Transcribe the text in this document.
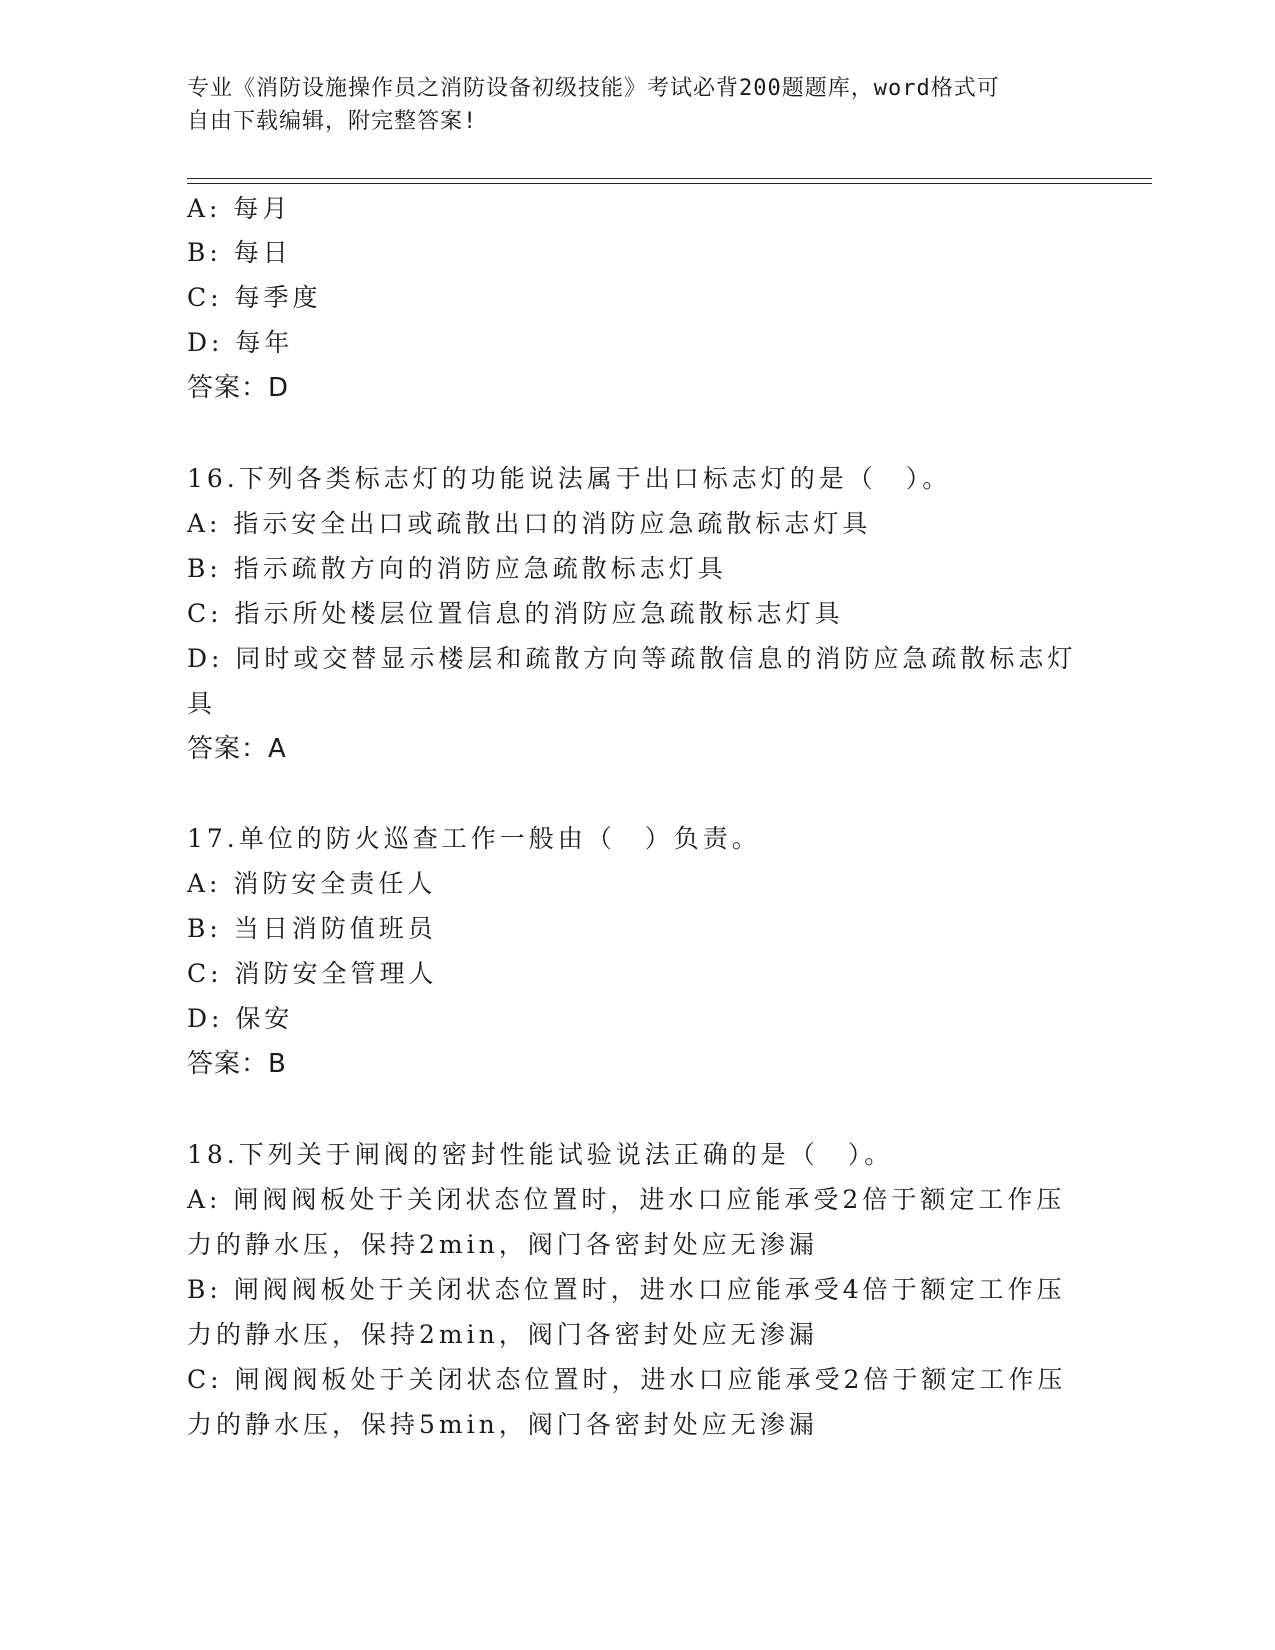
专业《消防设施操作员之消防设备初级技能》考试必背200题题库，word格式可
自由下载编辑，附完整答案!
A: 每月
B: 每日
C: 每季度
D: 每年
答案：D
16.下列各类标志灯的功能说法属于出口标志灯的是（　）。
A: 指示安全出口或疏散出口的消防应急疏散标志灯具
B: 指示疏散方向的消防应急疏散标志灯具
C: 指示所处楼层位置信息的消防应急疏散标志灯具
D: 同时或交替显示楼层和疏散方向等疏散信息的消防应急疏散标志灯
具
答案：A
17.单位的防火巡查工作一般由（　）负责。
A: 消防安全责任人
B: 当日消防值班员
C: 消防安全管理人
D: 保安
答案：B
18.下列关于闸阀的密封性能试验说法正确的是（　）。
A: 闸阀阀板处于关闭状态位置时，进水口应能承受2倍于额定工作压
力的静水压，保持2min，阀门各密封处应无渗漏
B: 闸阀阀板处于关闭状态位置时，进水口应能承受4倍于额定工作压
力的静水压，保持2min，阀门各密封处应无渗漏
C: 闸阀阀板处于关闭状态位置时，进水口应能承受2倍于额定工作压
力的静水压，保持5min，阀门各密封处应无渗漏
